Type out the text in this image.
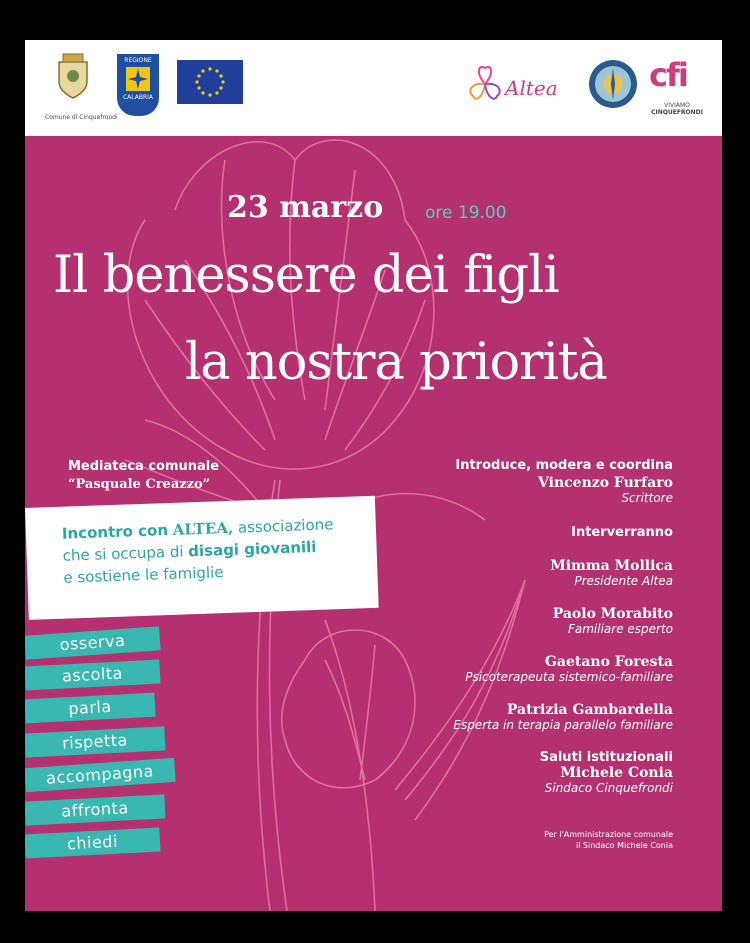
Comune di Cinquefrondi
REGIONE
CALABRIA	Altea	cfi
VIVIAMO
CINQUEFRONDI
23 marzo ore 19.00
Il benessere dei figli
la nostra priorità
Mediateca comunale
“Pasquale Creazzo”
Incontro con ALTEA, associazione
che si occupa di disagi giovanili
e sostiene le famiglie
osserva
ascolta
parla
rispetta
accompagna
affronta
chiedi
Introduce, modera e coordina
Vincenzo Furfaro
Scrittore
Interverranno
Mimma Mollica
Presidente Altea
Paolo Morabito
Familiare esperto
Gaetano Foresta
Psicoterapeuta sistemico-familiare
Patrizia Gambardella
Esperta in terapia parallelo familiare
Saluti istituzionali
Michele Conia
Sindaco Cinquefrondi
Per l'Amministrazione comunale
il Sindaco Michele Conia
